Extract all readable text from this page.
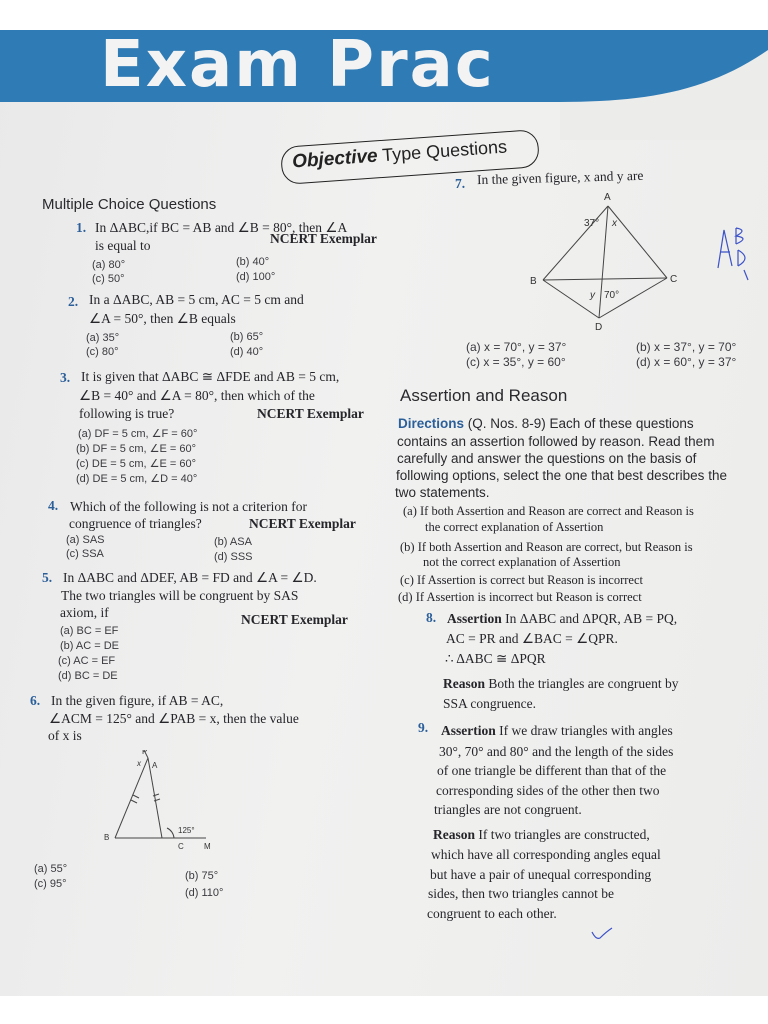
Exam Prac
Objective Type Questions
Multiple Choice Questions
1. In ΔABC,if BC = AB and ∠B = 80°, then ∠A
is equal to	NCERT Exemplar
(a) 80°	(b) 40°
(c) 50°	(d) 100°
2. In a ΔABC, AB = 5 cm, AC = 5 cm and
∠A = 50°, then ∠B equals
(a) 35°	(b) 65°
(c) 80°	(d) 40°
3. It is given that ΔABC ≅ ΔFDE and AB = 5 cm,
∠B = 40° and ∠A = 80°, then which of the
following is true?	NCERT Exemplar
(a) DF = 5 cm, ∠F = 60°
(b) DF = 5 cm, ∠E = 60°
(c) DE = 5 cm, ∠E = 60°
(d) DE = 5 cm, ∠D = 40°
4. Which of the following is not a criterion for
congruence of triangles?	NCERT Exemplar
(a) SAS	(b) ASA
(c) SSA	(d) SSS
5. In ΔABC and ΔDEF, AB = FD and ∠A = ∠D.
The two triangles will be congruent by SAS
axiom, if	NCERT Exemplar
(a) BC = EF
(b) AC = DE
(c) AC = EF
(d) BC = DE
6. In the given figure, if AB = AC,
∠ACM = 125° and ∠PAB = x, then the value
of x is
P
A
x
B
125°
C	M
(a) 55°
(b) 75°
(c) 95°
(d) 110°
7. In the given figure, x and y are
A
B	C
D
37° x
y 70°
(a) x = 70°, y = 37°	(b) x = 37°, y = 70°
(c) x = 35°, y = 60°	(d) x = 60°, y = 37°
Assertion and Reason
Directions (Q. Nos. 8-9) Each of these questions
contains an assertion followed by reason. Read them
carefully and answer the questions on the basis of
following options, select the one that best describes the
two statements.
(a) If both Assertion and Reason are correct and Reason is
the correct explanation of Assertion
(b) If both Assertion and Reason are correct, but Reason is
not the correct explanation of Assertion
(c) If Assertion is correct but Reason is incorrect
(d) If Assertion is incorrect but Reason is correct
8. Assertion In ΔABC and ΔPQR, AB = PQ,
AC = PR and ∠BAC = ∠QPR.
∴ ΔABC ≅ ΔPQR
Reason Both the triangles are congruent by
SSA congruence.
9. Assertion If we draw triangles with angles
30°, 70° and 80° and the length of the sides
of one triangle be different than that of the
corresponding sides of the other then two
triangles are not congruent.
Reason If two triangles are constructed,
which have all corresponding angles equal
but have a pair of unequal corresponding
sides, then two triangles cannot be
congruent to each other.
